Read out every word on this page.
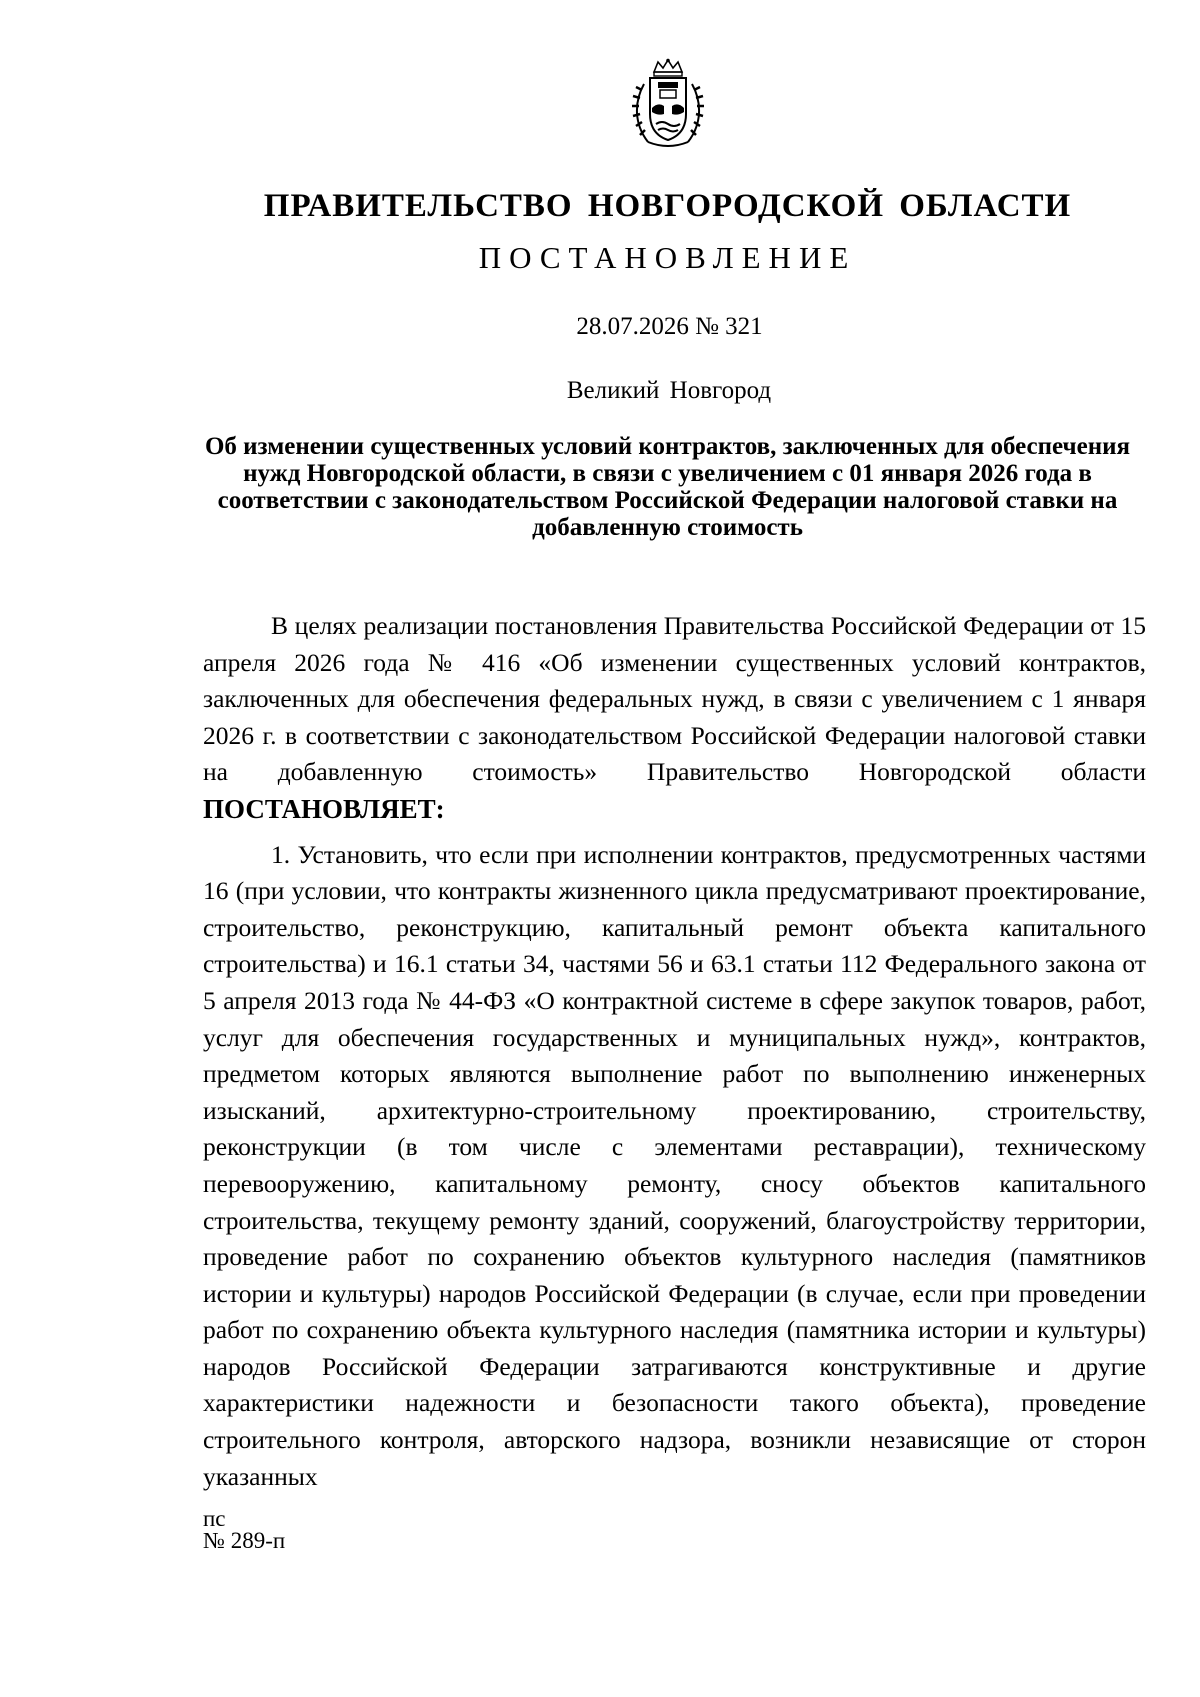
ПРАВИТЕЛЬСТВО НОВГОРОДСКОЙ ОБЛАСТИ
ПОСТАНОВЛЕНИЕ
28.07.2026 № 321
Великий Новгород
Об изменении существенных условий контрактов, заключенных для обеспечения нужд Новгородской области, в связи с увеличением с 01 января 2026 года в соответствии с законодательством Российской Федерации налоговой ставки на добавленную стоимость

В целях реализации постановления Правительства Российской Федерации от 15 апреля 2026 года № 416 «Об изменении существенных условий контрактов, заключенных для обеспечения федеральных нужд, в связи с увеличением с 1 января 2026 г. в соответствии с законодательством Российской Федерации налоговой ставки на добавленную стоимость» Правительство Новгородской области ПОСТАНОВЛЯЕТ:

1. Установить, что если при исполнении контрактов, предусмотренных частями 16 (при условии, что контракты жизненного цикла предусматривают проектирование, строительство, реконструкцию, капитальный ремонт объекта капитального строительства) и 16.1 статьи 34, частями 56 и 63.1 статьи 112 Федерального закона от 5 апреля 2013 года № 44-ФЗ «О контрактной системе в сфере закупок товаров, работ, услуг для обеспечения государственных и муниципальных нужд», контрактов, предметом которых являются выполнение работ по выполнению инженерных изысканий, архитектурно-строительному проектированию, строительству, реконструкции (в том числе с элементами реставрации), техническому перевооружению, капитальному ремонту, сносу объектов капитального строительства, текущему ремонту зданий, сооружений, благоустройству территории, проведение работ по сохранению объектов культурного наследия (памятников истории и культуры) народов Российской Федерации (в случае, если при проведении работ по сохранению объекта культурного наследия (памятника истории и культуры) народов Российской Федерации затрагиваются конструктивные и другие характеристики надежности и безопасности такого объекта), проведение строительного контроля, авторского надзора, возникли независящие от сторон указанных

пс
№ 289-п
